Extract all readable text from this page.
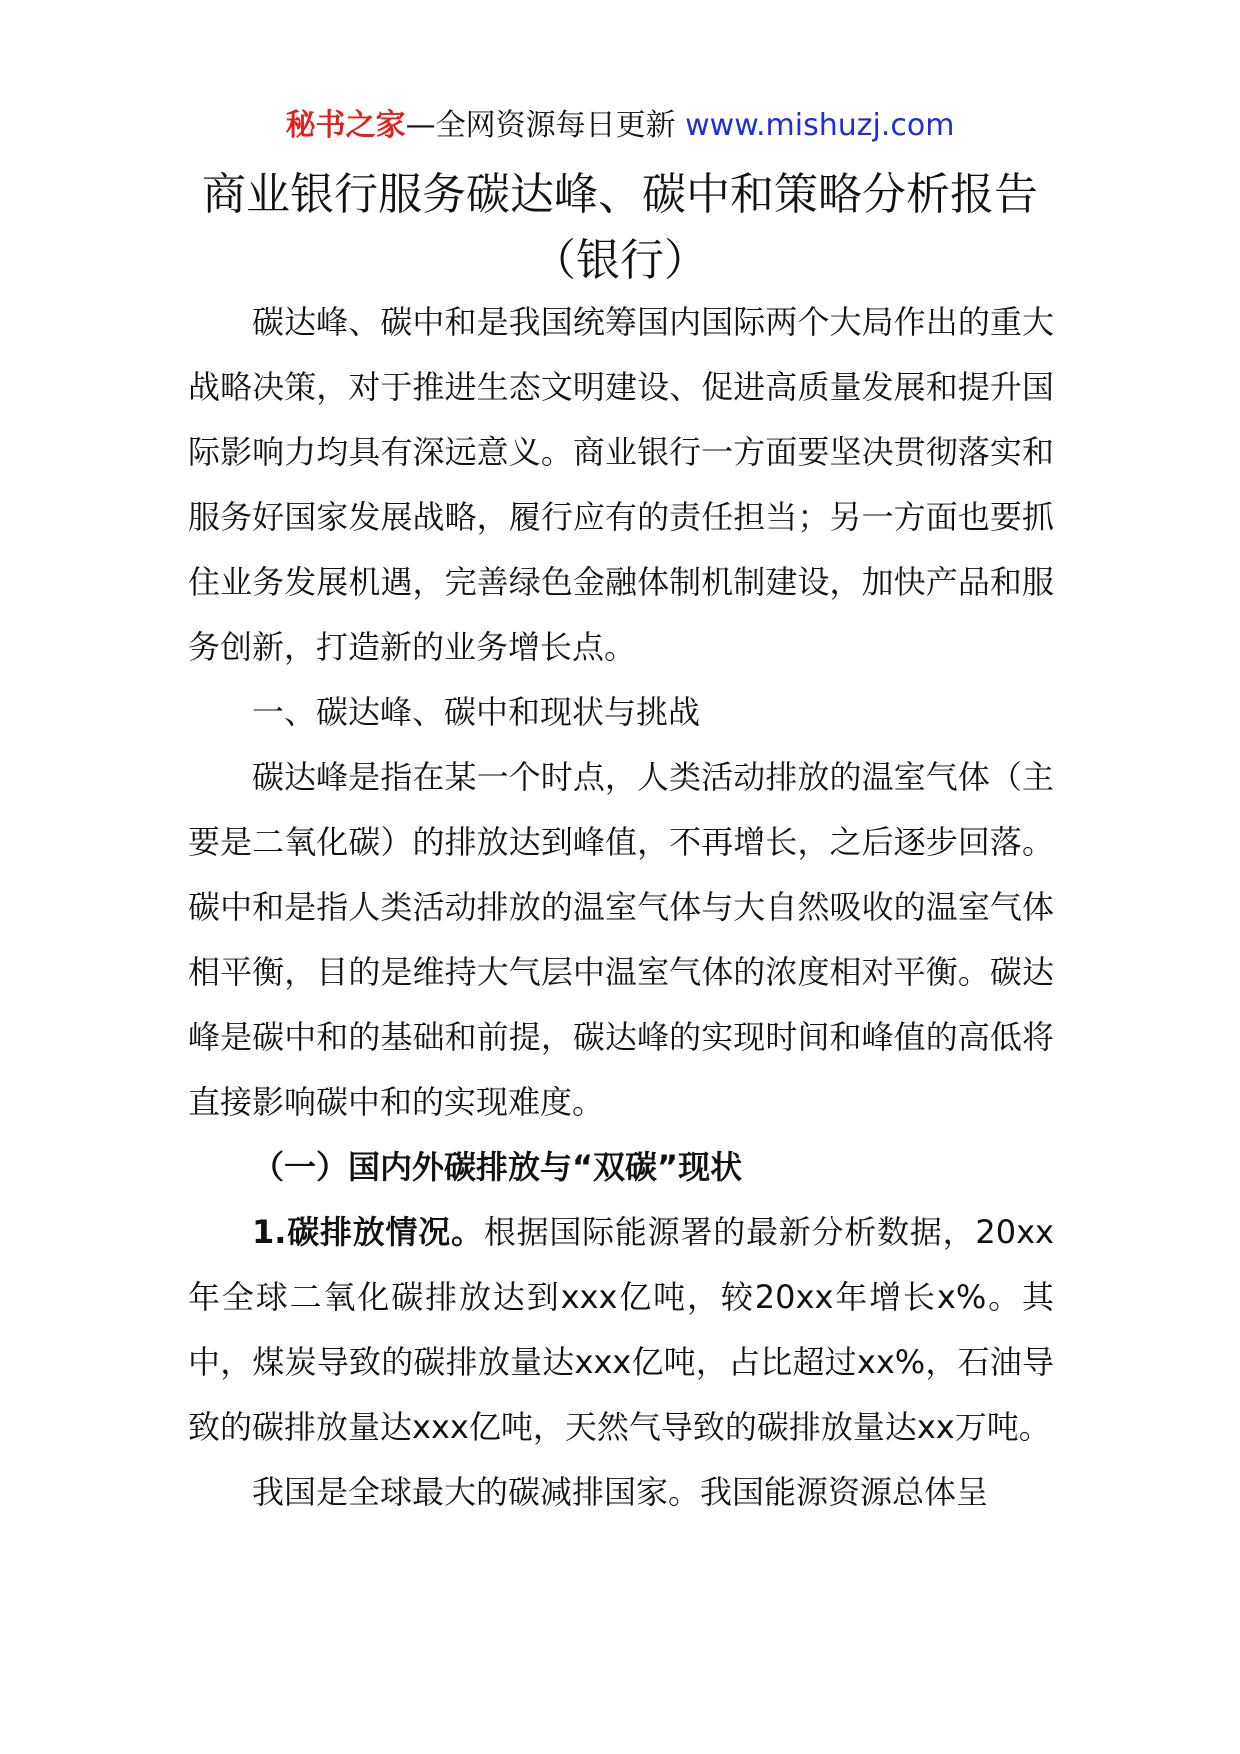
秘书之家—全网资源每日更新 www.mishuzj.com
商业银行服务碳达峰、碳中和策略分析报告（银行）

碳达峰、碳中和是我国统筹国内国际两个大局作出的重大战略决策，对于推进生态文明建设、促进高质量发展和提升国际影响力均具有深远意义。商业银行一方面要坚决贯彻落实和服务好国家发展战略，履行应有的责任担当；另一方面也要抓住业务发展机遇，完善绿色金融体制机制建设，加快产品和服务创新，打造新的业务增长点。

一、碳达峰、碳中和现状与挑战

碳达峰是指在某一个时点，人类活动排放的温室气体（主要是二氧化碳）的排放达到峰值，不再增长，之后逐步回落。碳中和是指人类活动排放的温室气体与大自然吸收的温室气体相平衡，目的是维持大气层中温室气体的浓度相对平衡。碳达峰是碳中和的基础和前提，碳达峰的实现时间和峰值的高低将直接影响碳中和的实现难度。

（一）国内外碳排放与“双碳”现状

1.碳排放情况。根据国际能源署的最新分析数据，20xx年全球二氧化碳排放达到xxx亿吨，较20xx年增长x%。其中，煤炭导致的碳排放量达xxx亿吨，占比超过xx%，石油导致的碳排放量达xxx亿吨，天然气导致的碳排放量达xx万吨。

我国是全球最大的碳减排国家。我国能源资源总体呈
